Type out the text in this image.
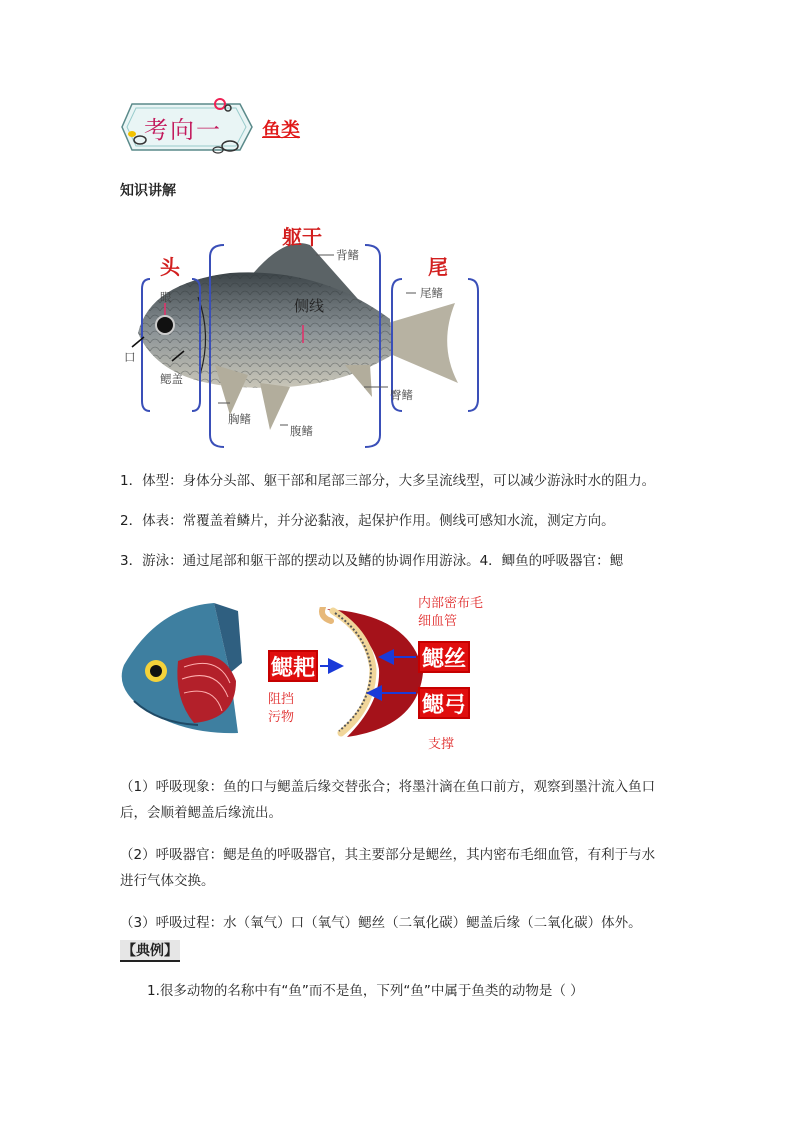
考向一 鱼类
知识讲解
头
躯干
尾
眼
口
鳃盖
背鳍
侧线
尾鳍
臀鳍
胸鳍
腹鳍
1．体型：身体分头部、躯干部和尾部三部分，大多呈流线型，可以减少游泳时水的阻力。
2．体表：常覆盖着鳞片，并分泌黏液，起保护作用。侧线可感知水流，测定方向。
3．游泳：通过尾部和躯干部的摆动以及鳍的协调作用游泳。4．鲫鱼的呼吸器官：鳃
内部密布毛细血管
鳃耙	鳃丝
鳃弓
阻挡污物
支撑
（1）呼吸现象：鱼的口与鳃盖后缘交替张合；将墨汁滴在鱼口前方，观察到墨汁流入鱼口
后，会顺着鳃盖后缘流出。
（2）呼吸器官：鳃是鱼的呼吸器官，其主要部分是鳃丝，其内密布毛细血管，有利于与水
进行气体交换。
（3）呼吸过程：水（氧气）口（氧气）鳃丝（二氧化碳）鳃盖后缘（二氧化碳）体外。
【典例】
1.很多动物的名称中有“鱼”而不是鱼，下列“鱼”中属于鱼类的动物是（ ）
